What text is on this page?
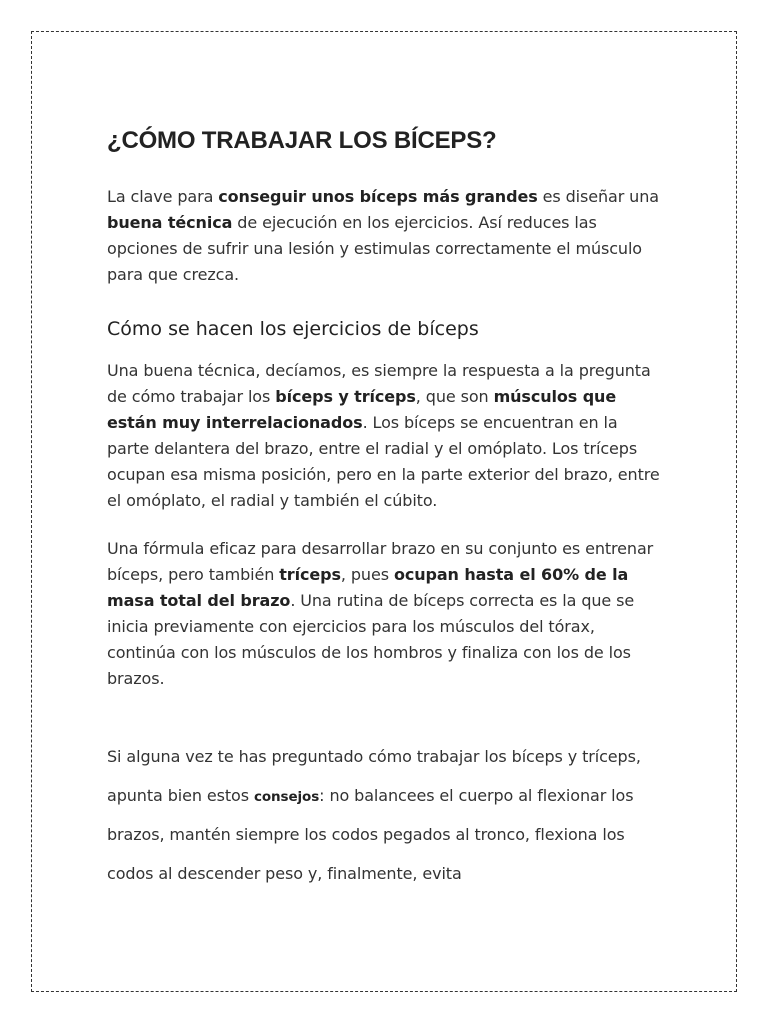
¿CÓMO TRABAJAR LOS BÍCEPS?

La clave para conseguir unos bíceps más grandes es diseñar una buena técnica de ejecución en los ejercicios. Así reduces las opciones de sufrir una lesión y estimulas correctamente el músculo para que crezca.

Cómo se hacen los ejercicios de bíceps

Una buena técnica, decíamos, es siempre la respuesta a la pregunta de cómo trabajar los bíceps y tríceps, que son músculos que están muy interrelacionados. Los bíceps se encuentran en la parte delantera del brazo, entre el radial y el omóplato. Los tríceps ocupan esa misma posición, pero en la parte exterior del brazo, entre el omóplato, el radial y también el cúbito.

Una fórmula eficaz para desarrollar brazo en su conjunto es entrenar bíceps, pero también tríceps, pues ocupan hasta el 60% de la masa total del brazo. Una rutina de bíceps correcta es la que se inicia previamente con ejercicios para los músculos del tórax, continúa con los músculos de los hombros y finaliza con los de los brazos.

Si alguna vez te has preguntado cómo trabajar los bíceps y tríceps, apunta bien estos consejos: no balancees el cuerpo al flexionar los brazos, mantén siempre los codos pegados al tronco, flexiona los codos al descender peso y, finalmente, evita
